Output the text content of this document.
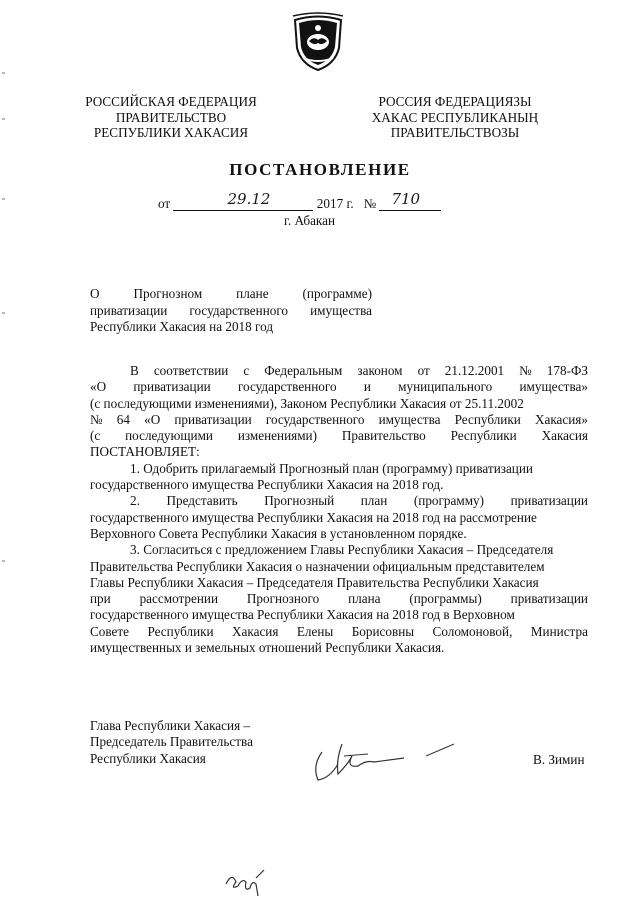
РОССИЙСКАЯ ФЕДЕРАЦИЯ
ПРАВИТЕЛЬСТВО
РЕСПУБЛИКИ ХАКАСИЯ
РОССИЯ ФЕДЕРАЦИЯЗЫ
ХАКАС РЕСПУБЛИКАНЫҢ
ПРАВИТЕЛЬСТВОЗЫ
ПОСТАНОВЛЕНИЕ
от	29.12	2017 г. № 710
г. Абакан
О	Прогнозном	плане	(программе)
приватизации государственного имущества
Республики Хакасия на 2018 год
В соответствии с Федеральным законом от 21.12.2001 № 178-ФЗ
«О приватизации государственного и муниципального имущества»
(с последующими изменениями), Законом Республики Хакасия от 25.11.2002
№ 64 «О приватизации государственного имущества Республики Хакасия»
(с последующими изменениями) Правительство Республики Хакасия
ПОСТАНОВЛЯЕТ:
1. Одобрить прилагаемый Прогнозный план (программу) приватизации
государственного имущества Республики Хакасия на 2018 год.
2. Представить Прогнозный план (программу) приватизации
государственного имущества Республики Хакасия на 2018 год на рассмотрение
Верховного Совета Республики Хакасия в установленном порядке.
3. Согласиться с предложением Главы Республики Хакасия – Председателя
Правительства Республики Хакасия о назначении официальным представителем
Главы Республики Хакасия – Председателя Правительства Республики Хакасия
при рассмотрении Прогнозного плана (программы) приватизации
государственного имущества Республики Хакасия на 2018 год в Верховном
Совете Республики Хакасия Елены Борисовны Соломоновой, Министра
имущественных и земельных отношений Республики Хакасия.
Глава Республики Хакасия –
Председатель Правительства
Республики Хакасия	В. Зимин
